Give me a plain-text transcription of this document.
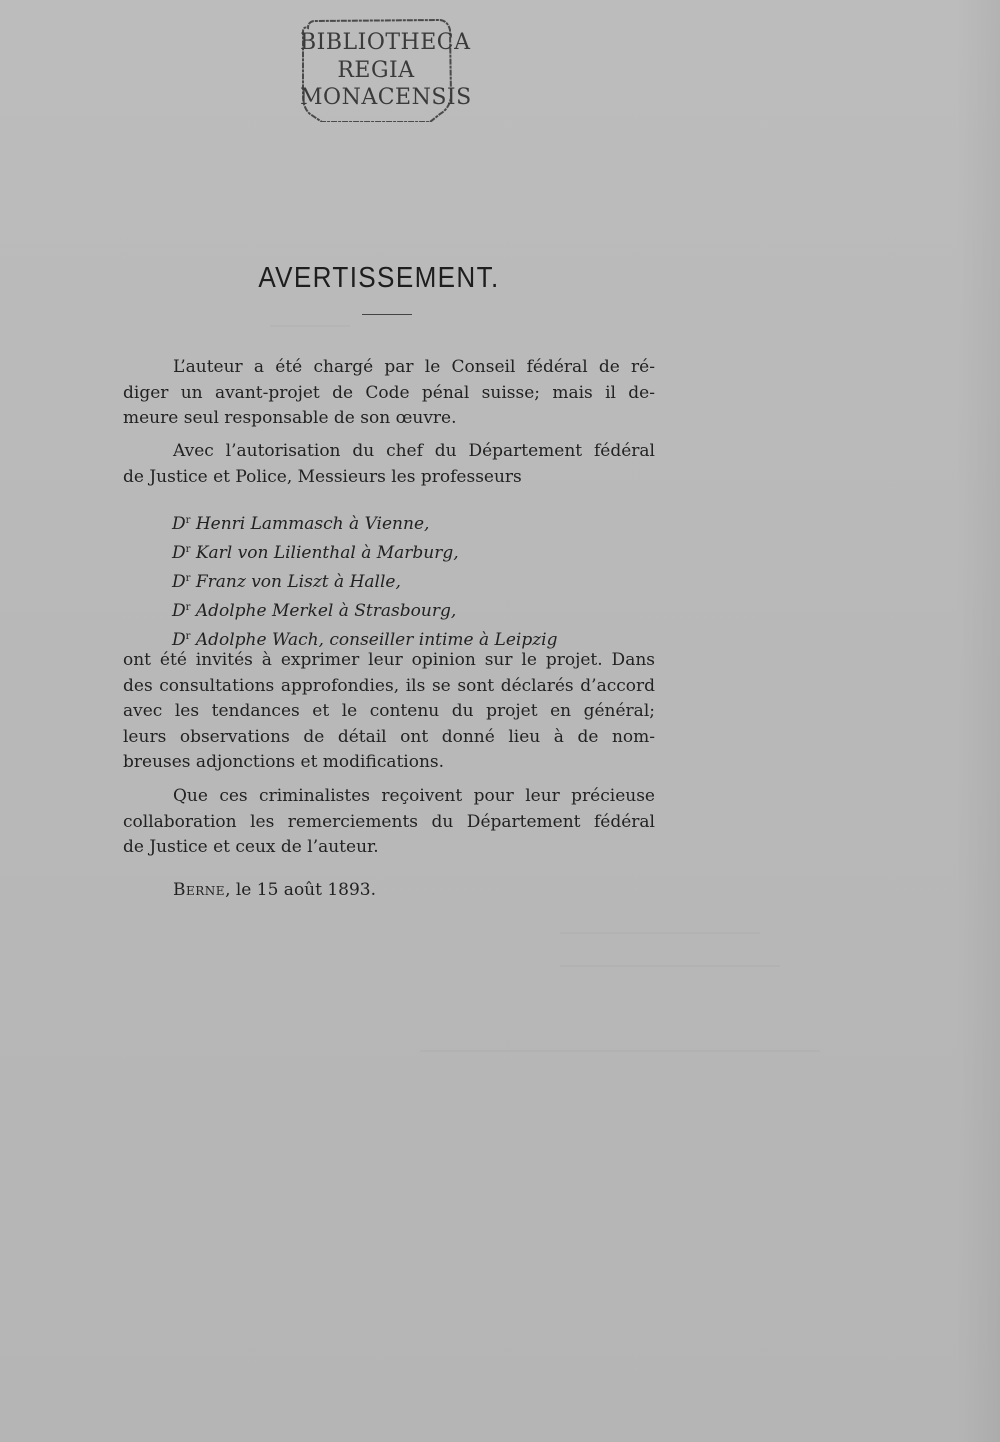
BIBLIOTHECA
REGIA
MONACENSIS
AVERTISSEMENT.
L’auteur a été chargé par le Conseil fédéral de ré-
diger un avant-projet de Code pénal suisse; mais il de-
meure seul responsable de son œuvre.
Avec l’autorisation du chef du Département fédéral
de Justice et Police, Messieurs les professeurs
$D^r$ Henri Lammasch à Vienne,
$D^r$ Karl von Lilienthal à Marburg,
$D^r$ Franz von Liszt à Halle,
$D^r$ Adolphe Merkel à Strasbourg,
$D^r$ Adolphe Wach, conseiller intime à Leipzig
ont été invités à exprimer leur opinion sur le projet. Dans
des consultations approfondies, ils se sont déclarés d’accord
avec les tendances et le contenu du projet en général;
leurs observations de détail ont donné lieu à de nom-
breuses adjonctions et modifications.
Que ces criminalistes reçoivent pour leur précieuse
collaboration les remerciements du Département fédéral
de Justice et ceux de l’auteur.
Berne, le 15 août 1893.
